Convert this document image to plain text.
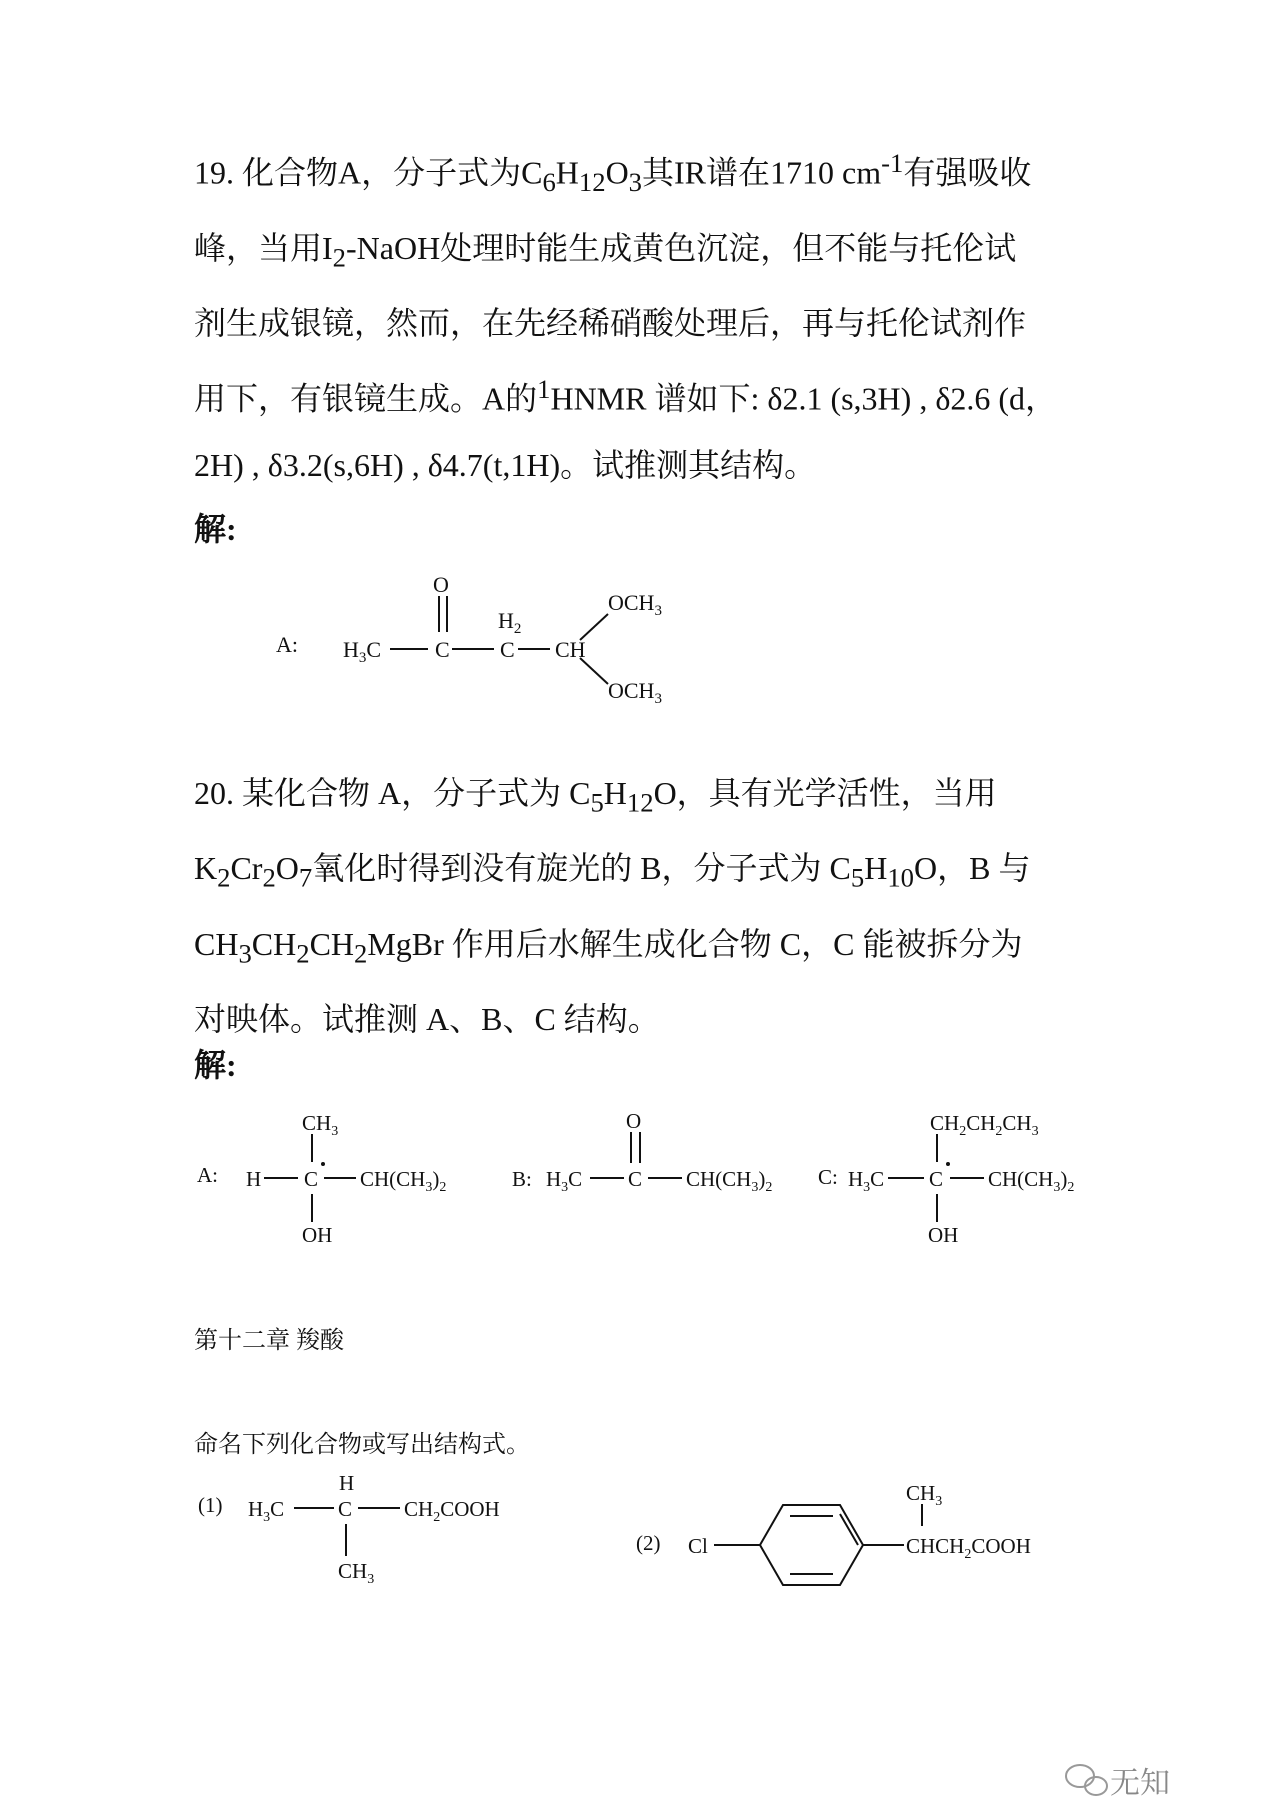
19. 化合物A，分子式为$C_6H_{12}O_3$其IR谱在1710 $cm^{-1}$有强吸收

峰，当用$I_2$-NaOH处理时能生成黄色沉淀，但不能与托伦试

剂生成银镜，然而，在先经稀硝酸处理后，再与托伦试剂作

用下，有银镜生成。A的$^1$HNMR 谱如下: δ2.1 (s,3H) , δ2.6 (d，

2H) , δ3.2(s,6H) , δ4.7(t,1H)。试推测其结构。

解:

20. 某化合物 A，分子式为 $C_5H_{12}O$，具有光学活性，当用

$K_2Cr_2O_7$氧化时得到没有旋光的 B，分子式为 $C_5H_{10}O$，B 与

$CH_3CH_2CH_2MgBr$ 作用后水解生成化合物 C，C 能被拆分为

对映体。试推测 A、B、C 结构。

解:
第十二章 羧酸
命名下列化合物或写出结构式。
A: $H_3C$ C
O
$H_2$
C CH
$OCH_3$
$OCH_3$
A: H C
$CH_3$
OH
$CH(CH_3)_2$	B: $H_3C$ C
O
$CH(CH_3)_2$ C: $H_3C$ C
$CH_2CH_2CH_3$
OH
$CH(CH_3)_2$
(1) $H_3C$	C
H
$CH_2COOH$
$CH_3$
(2) Cl	$CHCH_2COOH$
$CH_3$
无知
